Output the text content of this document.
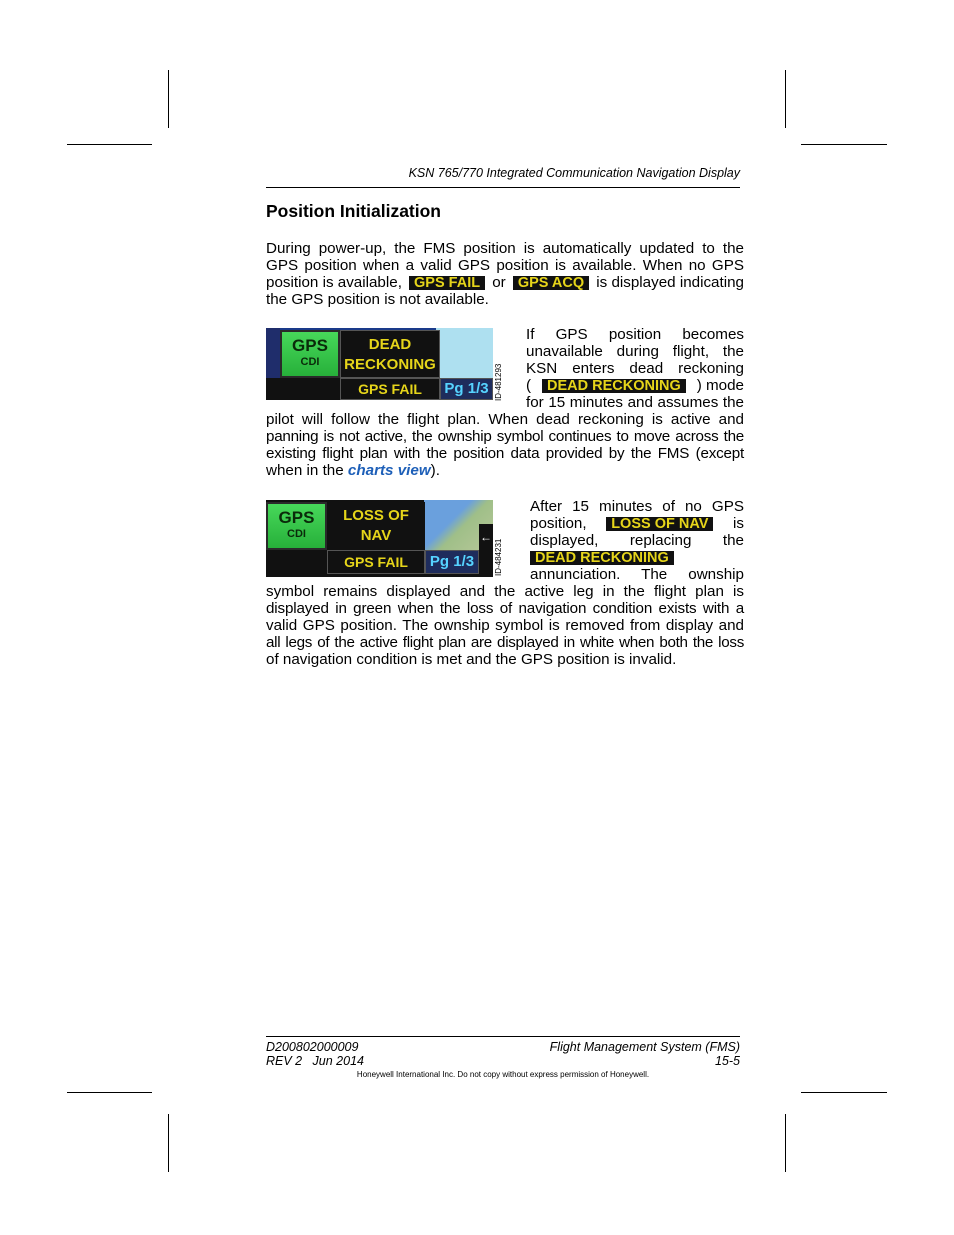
KSN 765/770 Integrated Communication Navigation Display
Position Initialization
During power-up, the FMS position is automatically updated to the
GPS position when a valid GPS position is available. When no GPS
position is available, GPS FAIL or GPS ACQ is displayed indicating
the GPS position is not available.
GPS
CDI
DEAD
RECKONING
GPS FAIL	Pg 1/3 ID-481293
If GPS position becomes
unavailable during flight, the
KSN enters dead reckoning
(	DEAD RECKONING	) mode
for 15 minutes and assumes the
pilot will follow the flight plan. When dead reckoning is active and
panning is not active, the ownship symbol continues to move across the
existing flight plan with the position data provided by the FMS (except
when in the charts view).
←
GPS
CDI
LOSS OF
NAV
GPS FAIL	Pg 1/3	ID-484231
After 15 minutes of no GPS
position,	LOSS OF NAV	is
displayed, replacing the
DEAD RECKONING
annunciation. The ownship
symbol remains displayed and the active leg in the flight plan is
displayed in green when the loss of navigation condition exists with a
valid GPS position. The ownship symbol is removed from display and
all legs of the active flight plan are displayed in white when both the loss
of navigation condition is met and the GPS position is invalid.
D200802000009
REV 2   Jun 2014
Flight Management System (FMS)
15-5
Honeywell International Inc. Do not copy without express permission of Honeywell.
